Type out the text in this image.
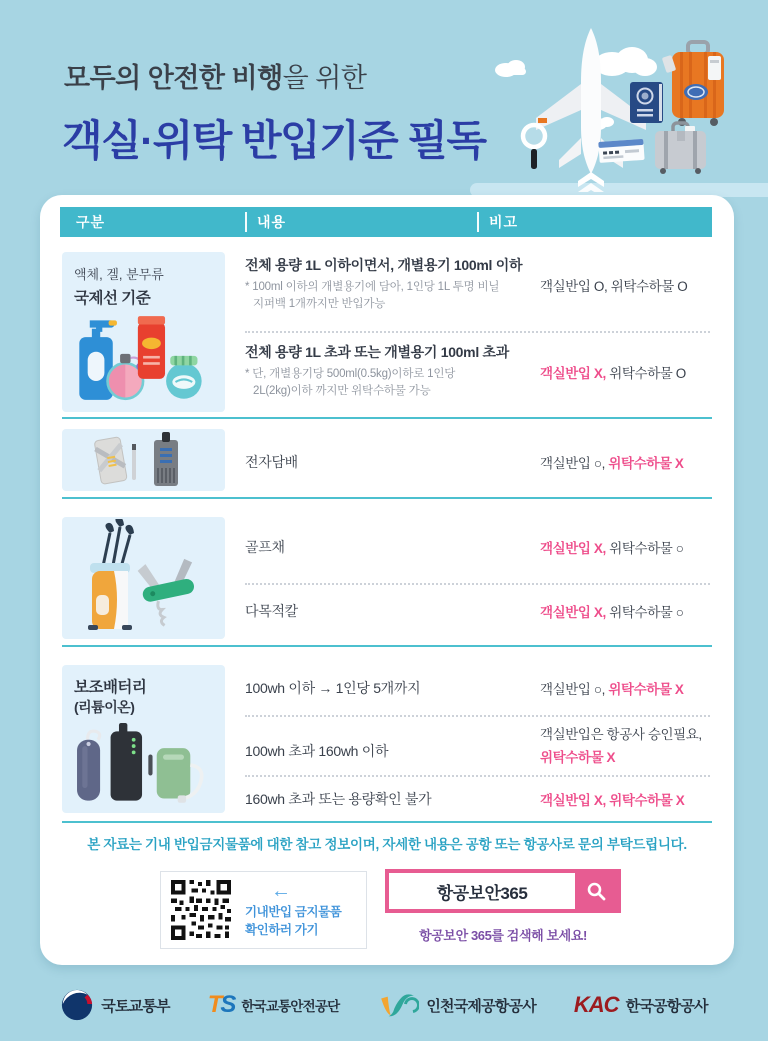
모두의 안전한 비행을 위한
객실·위탁 반입기준 필독
구분	내용	비고
액체, 겔, 분무류
국제선 기준
전체 용량 1L 이하이면서, 개별용기 100ml 이하
* 100ml 이하의 개별용기에 담아, 1인당 1L 투명 비닐
지퍼백 1개까지만 반입가능
객실반입 O, 위탁수하물 O
전체 용량 1L 초과 또는 개별용기 100ml 초과
* 단, 개별용기당 500ml(0.5kg)이하로 1인당
2L(2kg)이하 까지만 위탁수하물 가능
객실반입 X, 위탁수하물 O
전자담배	객실반입 ○, 위탁수하물 X
골프채	객실반입 X, 위탁수하물 ○
다목적칼	객실반입 X, 위탁수하물 ○
보조배터리
(리튬이온)
100wh 이하 → 1인당 5개까지	객실반입 ○, 위탁수하물 X
100wh 초과 160wh 이하
객실반입은 항공사 승인필요,
위탁수하물 X
160wh 초과 또는 용량확인 불가	객실반입 X, 위탁수하물 X
본 자료는 기내 반입금지물품에 대한 참고 정보이며, 자세한 내용은 공항 또는 항공사로 문의 부탁드립니다.
←
기내반입 금지물품
확인하러 가기
항공보안365	항공보안 365를 검색해 보세요!
국토교통부 TS 한국교통안전공단	인천국제공항공사 KAC 한국공항공사
